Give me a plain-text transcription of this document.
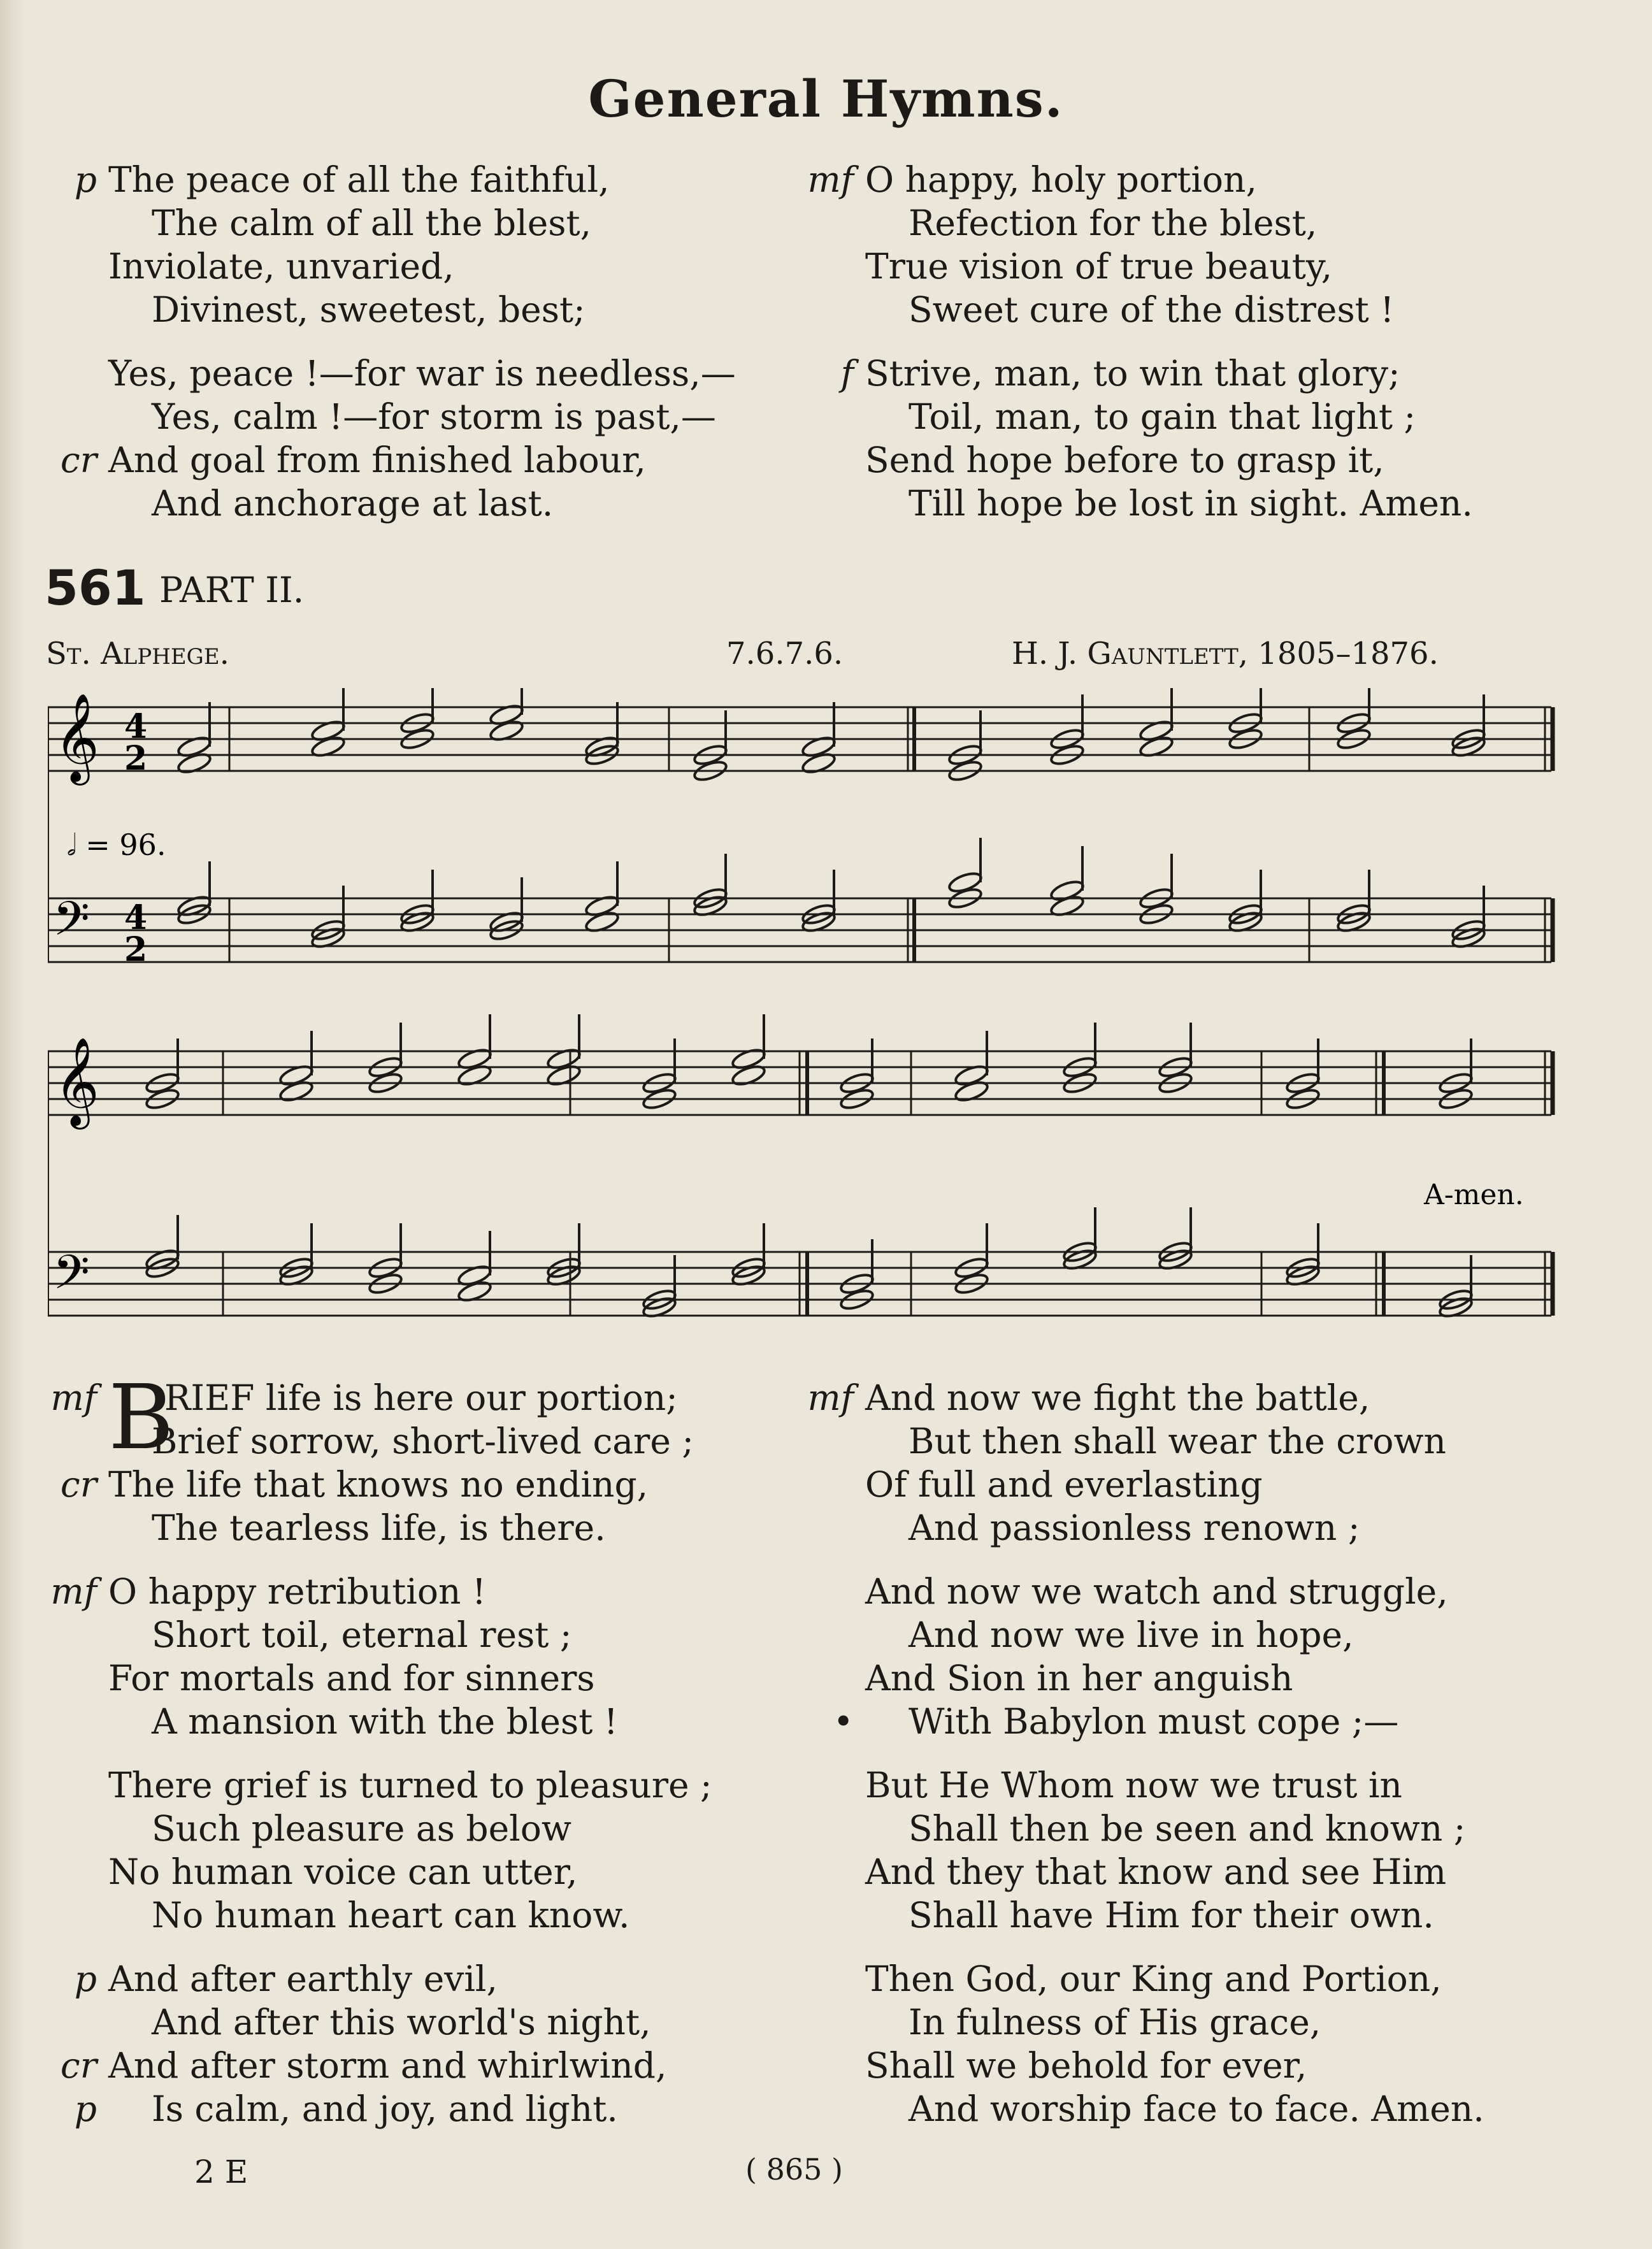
General Hymns.
p The peace of all the faithful,
The calm of all the blest,
Inviolate, unvaried,
Divinest, sweetest, best;
Yes, peace !—for war is needless,—
Yes, calm !—for storm is past,—
cr And goal from finished labour,
And anchorage at last.
mf O happy, holy portion,
Refection for the blest,
True vision of true beauty,
Sweet cure of the distrest !
f Strive, man, to win that glory;
Toil, man, to gain that light ;
Send hope before to grasp it,
Till hope be lost in sight. Amen.
561 PART II.
St. Alphege.	7.6.7.6.	H. J. Gauntlett, 1805–1876.
𝄞
𝄢
4
2
4
2
𝅗𝅥 = 96.
𝄞
𝄢
A-men.
mf B
RIEF life is here our portion;
Brief sorrow, short-lived care ;
cr The life that knows no ending,
The tearless life, is there.
mf O happy retribution !
Short toil, eternal rest ;
For mortals and for sinners
A mansion with the blest !
There grief is turned to pleasure ;
Such pleasure as below
No human voice can utter,
No human heart can know.
p And after earthly evil,
And after this world's night,
cr And after storm and whirlwind,
p Is calm, and joy, and light.
mf And now we fight the battle,
But then shall wear the crown
Of full and everlasting
And passionless renown ;
And now we watch and struggle,
And now we live in hope,
And Sion in her anguish
• With Babylon must cope ;—
But He Whom now we trust in
Shall then be seen and known ;
And they that know and see Him
Shall have Him for their own.
Then God, our King and Portion,
In fulness of His grace,
Shall we behold for ever,
And worship face to face. Amen.
2 E	( 865 )
